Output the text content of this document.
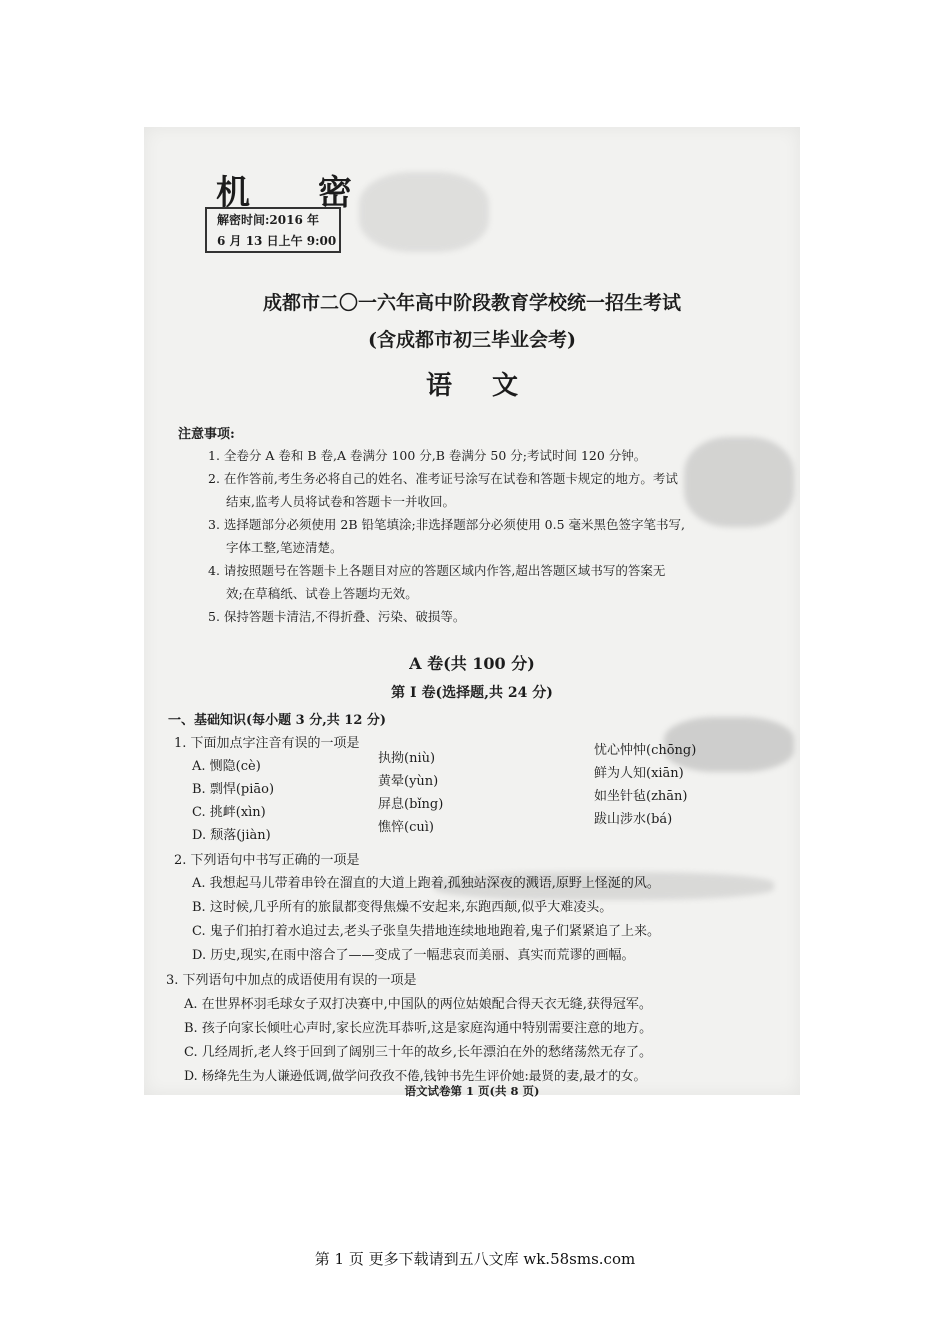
机 密
解密时间:2016 年
6 月 13 日上午 9:00
成都市二〇一六年高中阶段教育学校统一招生考试
(含成都市初三毕业会考)
语文
注意事项:
1. 全卷分 A 卷和 B 卷,A 卷满分 100 分,B 卷满分 50 分;考试时间 120 分钟。
2. 在作答前,考生务必将自己的姓名、准考证号涂写在试卷和答题卡规定的地方。考试
结束,监考人员将试卷和答题卡一并收回。
3. 选择题部分必须使用 2B 铅笔填涂;非选择题部分必须使用 0.5 毫米黑色签字笔书写,
字体工整,笔迹清楚。
4. 请按照题号在答题卡上各题目对应的答题区域内作答,超出答题区域书写的答案无
效;在草稿纸、试卷上答题均无效。
5. 保持答题卡清洁,不得折叠、污染、破损等。
A 卷(共 100 分)
第 Ⅰ 卷(选择题,共 24 分)
一、基础知识(每小题 3 分,共 12 分)
1. 下面加点字注音有误的一项是
A. 恻隐(cè)
执拗(niù)
忧心忡忡(chōng)
B. 剽悍(piāo)
黄晕(yùn)
鲜为人知(xiān)
C. 挑衅(xìn)
屏息(bǐng)
如坐针毡(zhān)
D. 颓落(jiàn)
憔悴(cuì)
跋山涉水(bá)
2. 下列语句中书写正确的一项是
A. 我想起马儿带着串铃在溜直的大道上跑着,孤独站深夜的溅语,原野上怪涎的风。
B. 这时候,几乎所有的旅鼠都变得焦燥不安起来,东跑西颠,似乎大难凌头。
C. 鬼子们拍打着水追过去,老头子张皇失措地连续地地跑着,鬼子们紧紧追了上来。
D. 历史,现实,在雨中溶合了——变成了一幅悲哀而美丽、真实而荒谬的画幅。
3. 下列语句中加点的成语使用有误的一项是
A. 在世界杯羽毛球女子双打决赛中,中国队的两位姑娘配合得天衣无缝,获得冠军。
B. 孩子向家长倾吐心声时,家长应洗耳恭听,这是家庭沟通中特别需要注意的地方。
C. 几经周折,老人终于回到了阔别三十年的故乡,长年漂泊在外的愁绪荡然无存了。
D. 杨绛先生为人谦逊低调,做学问孜孜不倦,钱钟书先生评价她:最贤的妻,最才的女。
语文试卷第 1 页(共 8 页)
第 1 页 更多下载请到五八文库 wk.58sms.com
